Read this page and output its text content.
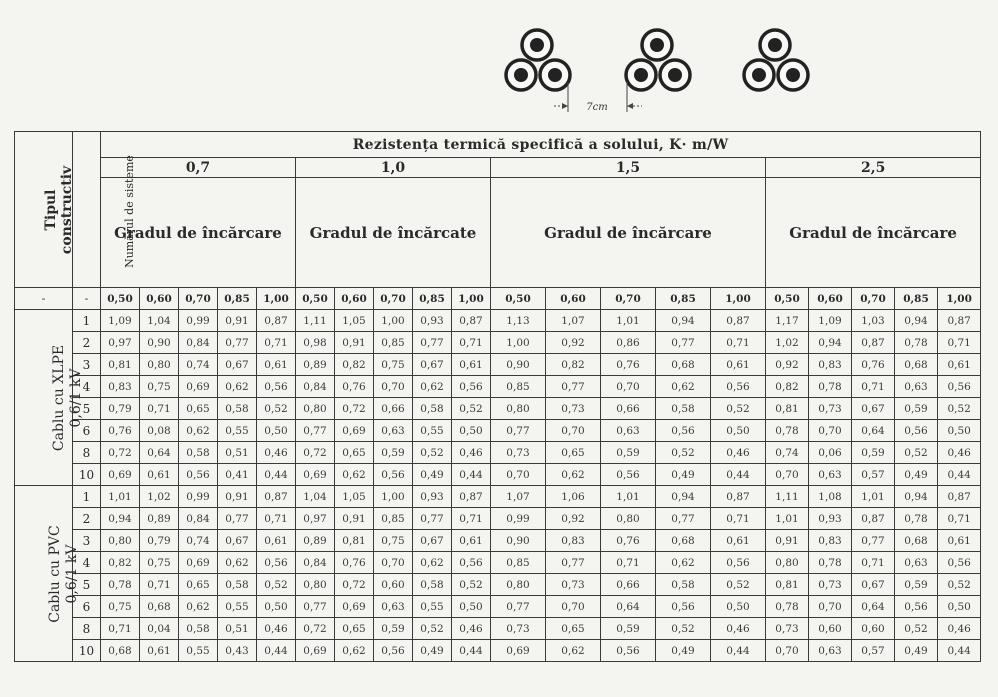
7cm
Tipul constructiv	Numărul de sisteme	Rezistența termică specifică a solului, K· m/W																			
		0,7					1,0					1,5					2,5				
		Gradul de încărcare					Gradul de încărcate					Gradul de încărcare					Gradul de încărcare				
-	-	0,50	0,60	0,70	0,85	1,00	0,50	0,60	0,70	0,85	1,00	0,50	0,60	0,70	0,85	1,00	0,50	0,60	0,70	0,85	1,00

Cablu cu XLPE 0,6/1 kV	1	1,09	1,04	0,99	0,91	0,87	1,11	1,05	1,00	0,93	0,87	1,13	1,07	1,01	0,94	0,87	1,17	1,09	1,03	0,94	0,87
	2	0,97	0,90	0,84	0,77	0,71	0,98	0,91	0,85	0,77	0,71	1,00	0,92	0,86	0,77	0,71	1,02	0,94	0,87	0,78	0,71
	3	0,81	0,80	0,74	0,67	0,61	0,89	0,82	0,75	0,67	0,61	0,90	0,82	0,76	0,68	0,61	0,92	0,83	0,76	0,68	0,61
	4	0,83	0,75	0,69	0,62	0,56	0,84	0,76	0,70	0,62	0,56	0,85	0,77	0,70	0,62	0,56	0,82	0,78	0,71	0,63	0,56
	5	0,79	0,71	0,65	0,58	0,52	0,80	0,72	0,66	0,58	0,52	0,80	0,73	0,66	0,58	0,52	0,81	0,73	0,67	0,59	0,52
	6	0,76	0,08	0,62	0,55	0,50	0,77	0,69	0,63	0,55	0,50	0,77	0,70	0,63	0,56	0,50	0,78	0,70	0,64	0,56	0,50
	8	0,72	0,64	0,58	0,51	0,46	0,72	0,65	0,59	0,52	0,46	0,73	0,65	0,59	0,52	0,46	0,74	0,06	0,59	0,52	0,46
	10	0,69	0,61	0,56	0,41	0,44	0,69	0,62	0,56	0,49	0,44	0,70	0,62	0,56	0,49	0,44	0,70	0,63	0,57	0,49	0,44

Cablu cu PVC 0,6/1 kV	1	1,01	1,02	0,99	0,91	0,87	1,04	1,05	1,00	0,93	0,87	1,07	1,06	1,01	0,94	0,87	1,11	1,08	1,01	0,94	0,87
	2	0,94	0,89	0,84	0,77	0,71	0,97	0,91	0,85	0,77	0,71	0,99	0,92	0,80	0,77	0,71	1,01	0,93	0,87	0,78	0,71
	3	0,80	0,79	0,74	0,67	0,61	0,89	0,81	0,75	0,67	0,61	0,90	0,83	0,76	0,68	0,61	0,91	0,83	0,77	0,68	0,61
	4	0,82	0,75	0,69	0,62	0,56	0,84	0,76	0,70	0,62	0,56	0,85	0,77	0,71	0,62	0,56	0,80	0,78	0,71	0,63	0,56
	5	0,78	0,71	0,65	0,58	0,52	0,80	0,72	0,60	0,58	0,52	0,80	0,73	0,66	0,58	0,52	0,81	0,73	0,67	0,59	0,52
	6	0,75	0,68	0,62	0,55	0,50	0,77	0,69	0,63	0,55	0,50	0,77	0,70	0,64	0,56	0,50	0,78	0,70	0,64	0,56	0,50
	8	0,71	0,04	0,58	0,51	0,46	0,72	0,65	0,59	0,52	0,46	0,73	0,65	0,59	0,52	0,46	0,73	0,60	0,60	0,52	0,46
	10	0,68	0,61	0,55	0,43	0,44	0,69	0,62	0,56	0,49	0,44	0,69	0,62	0,56	0,49	0,44	0,70	0,63	0,57	0,49	0,44
